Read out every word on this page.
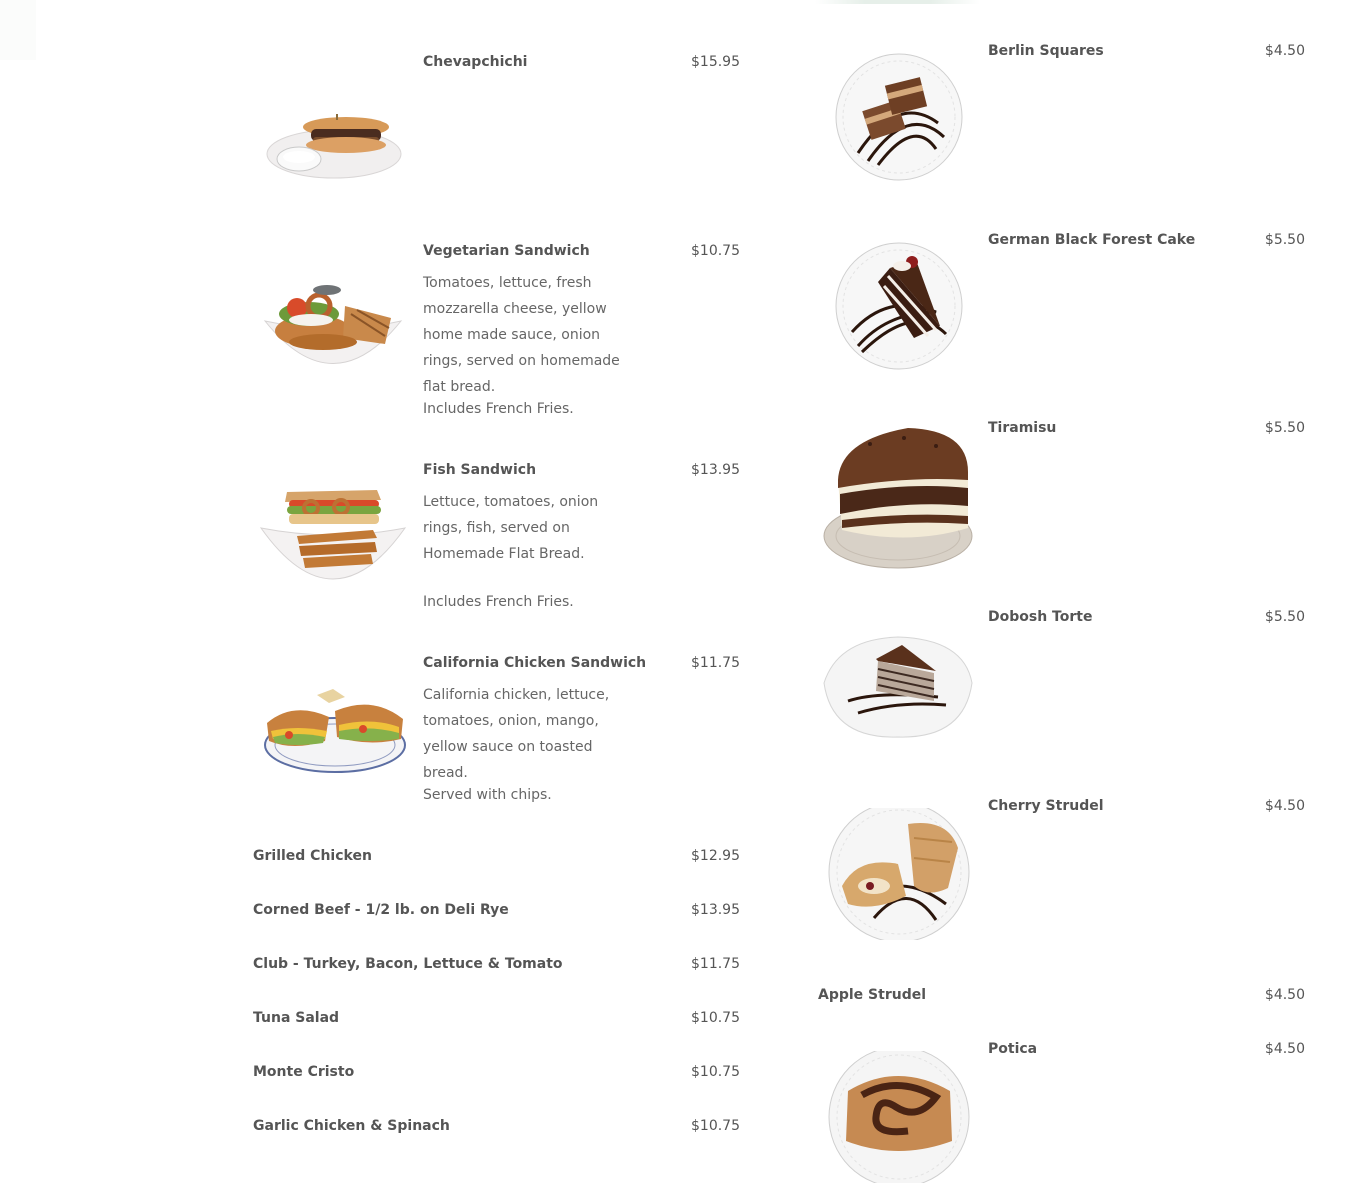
Chevapchichi	$15.95
Vegetarian Sandwich	$10.75
Tomatoes, lettuce, fresh mozzarella cheese, yellow home made sauce, onion rings, served on homemade flat bread.
Includes French Fries.
Fish Sandwich	$13.95
Lettuce, tomatoes, onion rings, fish, served on Homemade Flat Bread.
Includes French Fries.
California Chicken Sandwich	$11.75
California chicken, lettuce, tomatoes, onion, mango, yellow sauce on toasted bread.
Served with chips.
Grilled Chicken	$12.95
Corned Beef - 1/2 lb. on Deli Rye	$13.95
Club - Turkey, Bacon, Lettuce & Tomato	$11.75
Tuna Salad	$10.75
Monte Cristo	$10.75
Garlic Chicken & Spinach	$10.75
Berlin Squares	$4.50
German Black Forest Cake	$5.50
Tiramisu	$5.50
Dobosh Torte	$5.50
Cherry Strudel	$4.50
Apple Strudel	$4.50
Potica	$4.50
